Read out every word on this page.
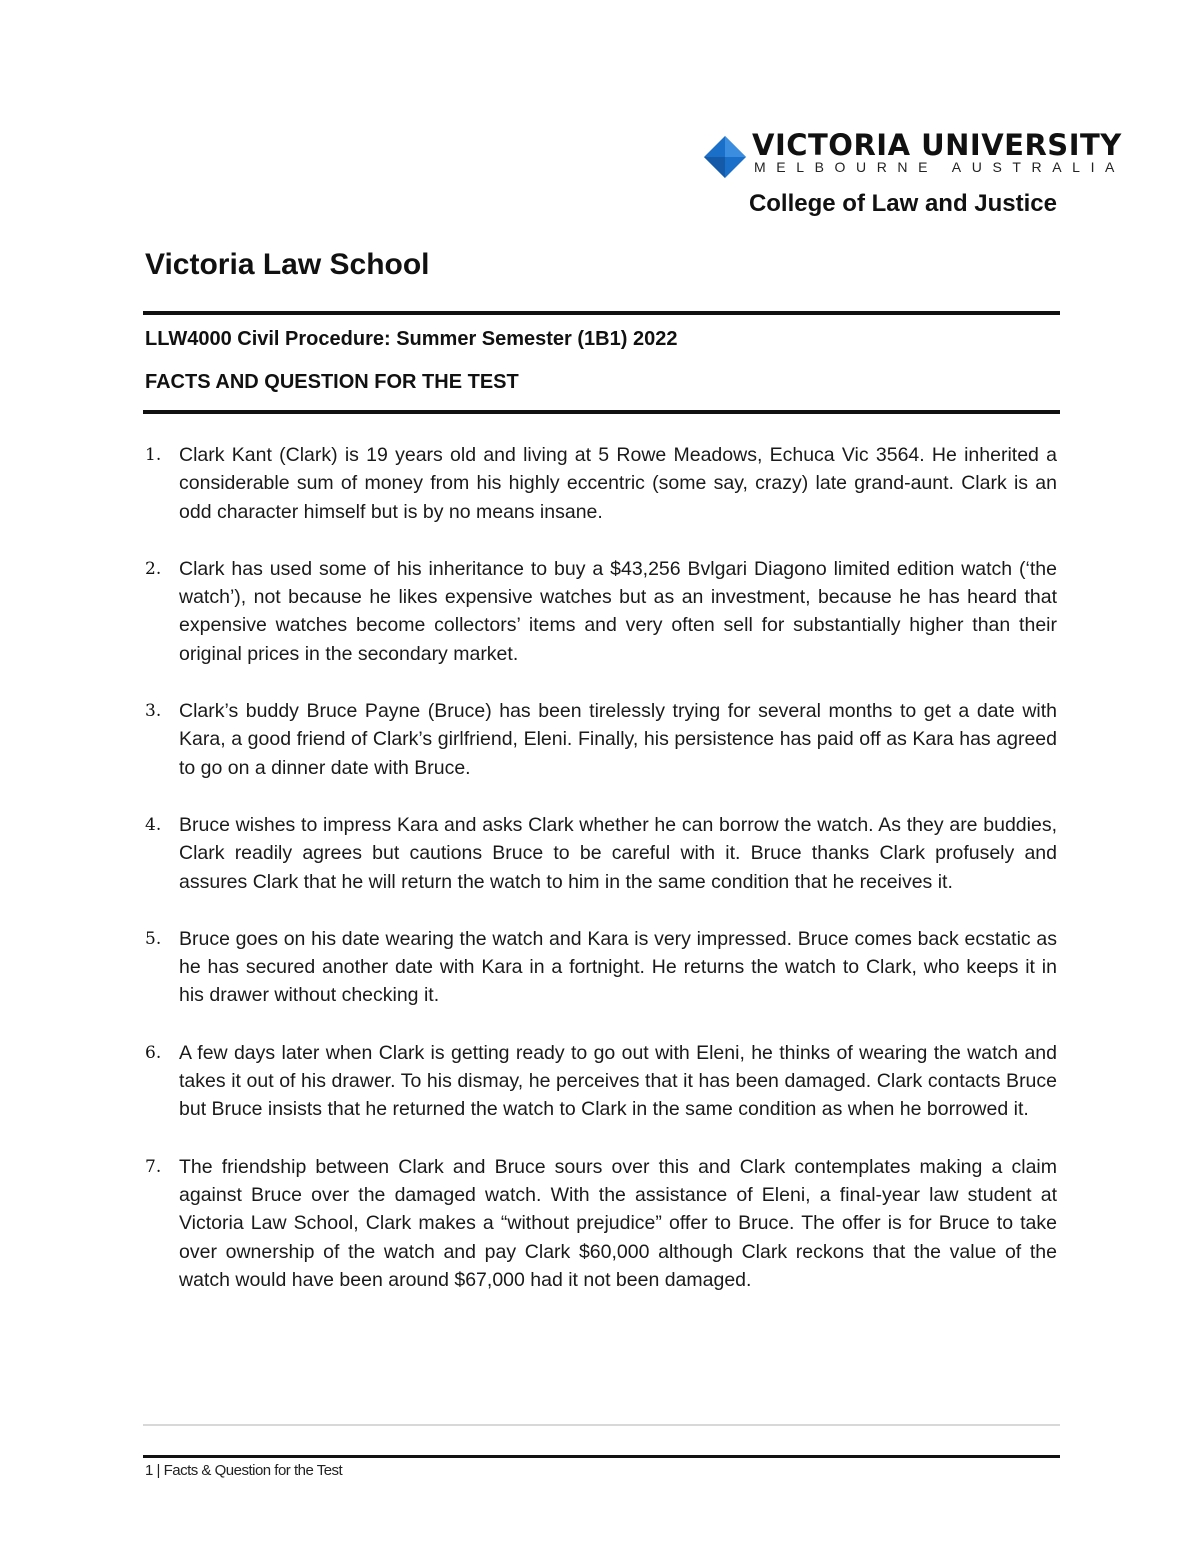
VICTORIA UNIVERSITY
MELBOURNE AUSTRALIA
College of Law and Justice
Victoria Law School
LLW4000 Civil Procedure: Summer Semester (1B1) 2022
FACTS AND QUESTION FOR THE TEST
1. Clark Kant (Clark) is 19 years old and living at 5 Rowe Meadows, Echuca Vic 3564. He inherited a considerable sum of money from his highly eccentric (some say, crazy) late grand-aunt. Clark is an odd character himself but is by no means insane.
2. Clark has used some of his inheritance to buy a $43,256 Bvlgari Diagono limited edition watch (‘the watch’), not because he likes expensive watches but as an investment, because he has heard that expensive watches become collectors’ items and very often sell for substantially higher than their original prices in the secondary market.
3. Clark’s buddy Bruce Payne (Bruce) has been tirelessly trying for several months to get a date with Kara, a good friend of Clark’s girlfriend, Eleni. Finally, his persistence has paid off as Kara has agreed to go on a dinner date with Bruce.
4. Bruce wishes to impress Kara and asks Clark whether he can borrow the watch. As they are buddies, Clark readily agrees but cautions Bruce to be careful with it. Bruce thanks Clark profusely and assures Clark that he will return the watch to him in the same condition that he receives it.
5. Bruce goes on his date wearing the watch and Kara is very impressed. Bruce comes back ecstatic as he has secured another date with Kara in a fortnight. He returns the watch to Clark, who keeps it in his drawer without checking it.
6. A few days later when Clark is getting ready to go out with Eleni, he thinks of wearing the watch and takes it out of his drawer. To his dismay, he perceives that it has been damaged. Clark contacts Bruce but Bruce insists that he returned the watch to Clark in the same condition as when he borrowed it.
7. The friendship between Clark and Bruce sours over this and Clark contemplates making a claim against Bruce over the damaged watch. With the assistance of Eleni, a final-year law student at Victoria Law School, Clark makes a “without prejudice” offer to Bruce. The offer is for Bruce to take over ownership of the watch and pay Clark $60,000 although Clark reckons that the value of the watch would have been around $67,000 had it not been damaged.
1 | Facts & Question for the Test
